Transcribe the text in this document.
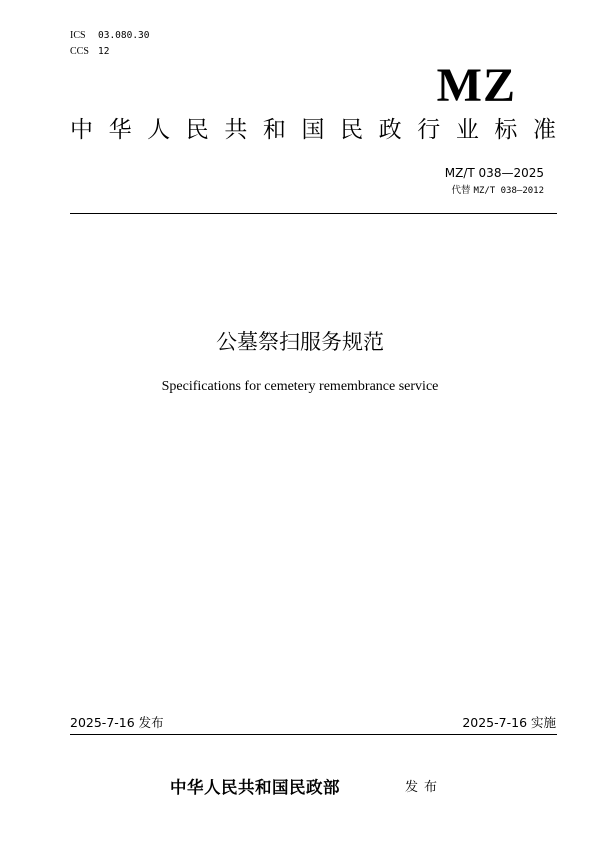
ICS 03.080.30
CCS 12
MZ
中华人民共和国民政行业标准
MZ/T 038—2025
代替 MZ/T 038—2012
公墓祭扫服务规范
Specifications for cemetery remembrance service
2025-7-16 发布	2025-7-16 实施
中华人民共和国民政部	发布
